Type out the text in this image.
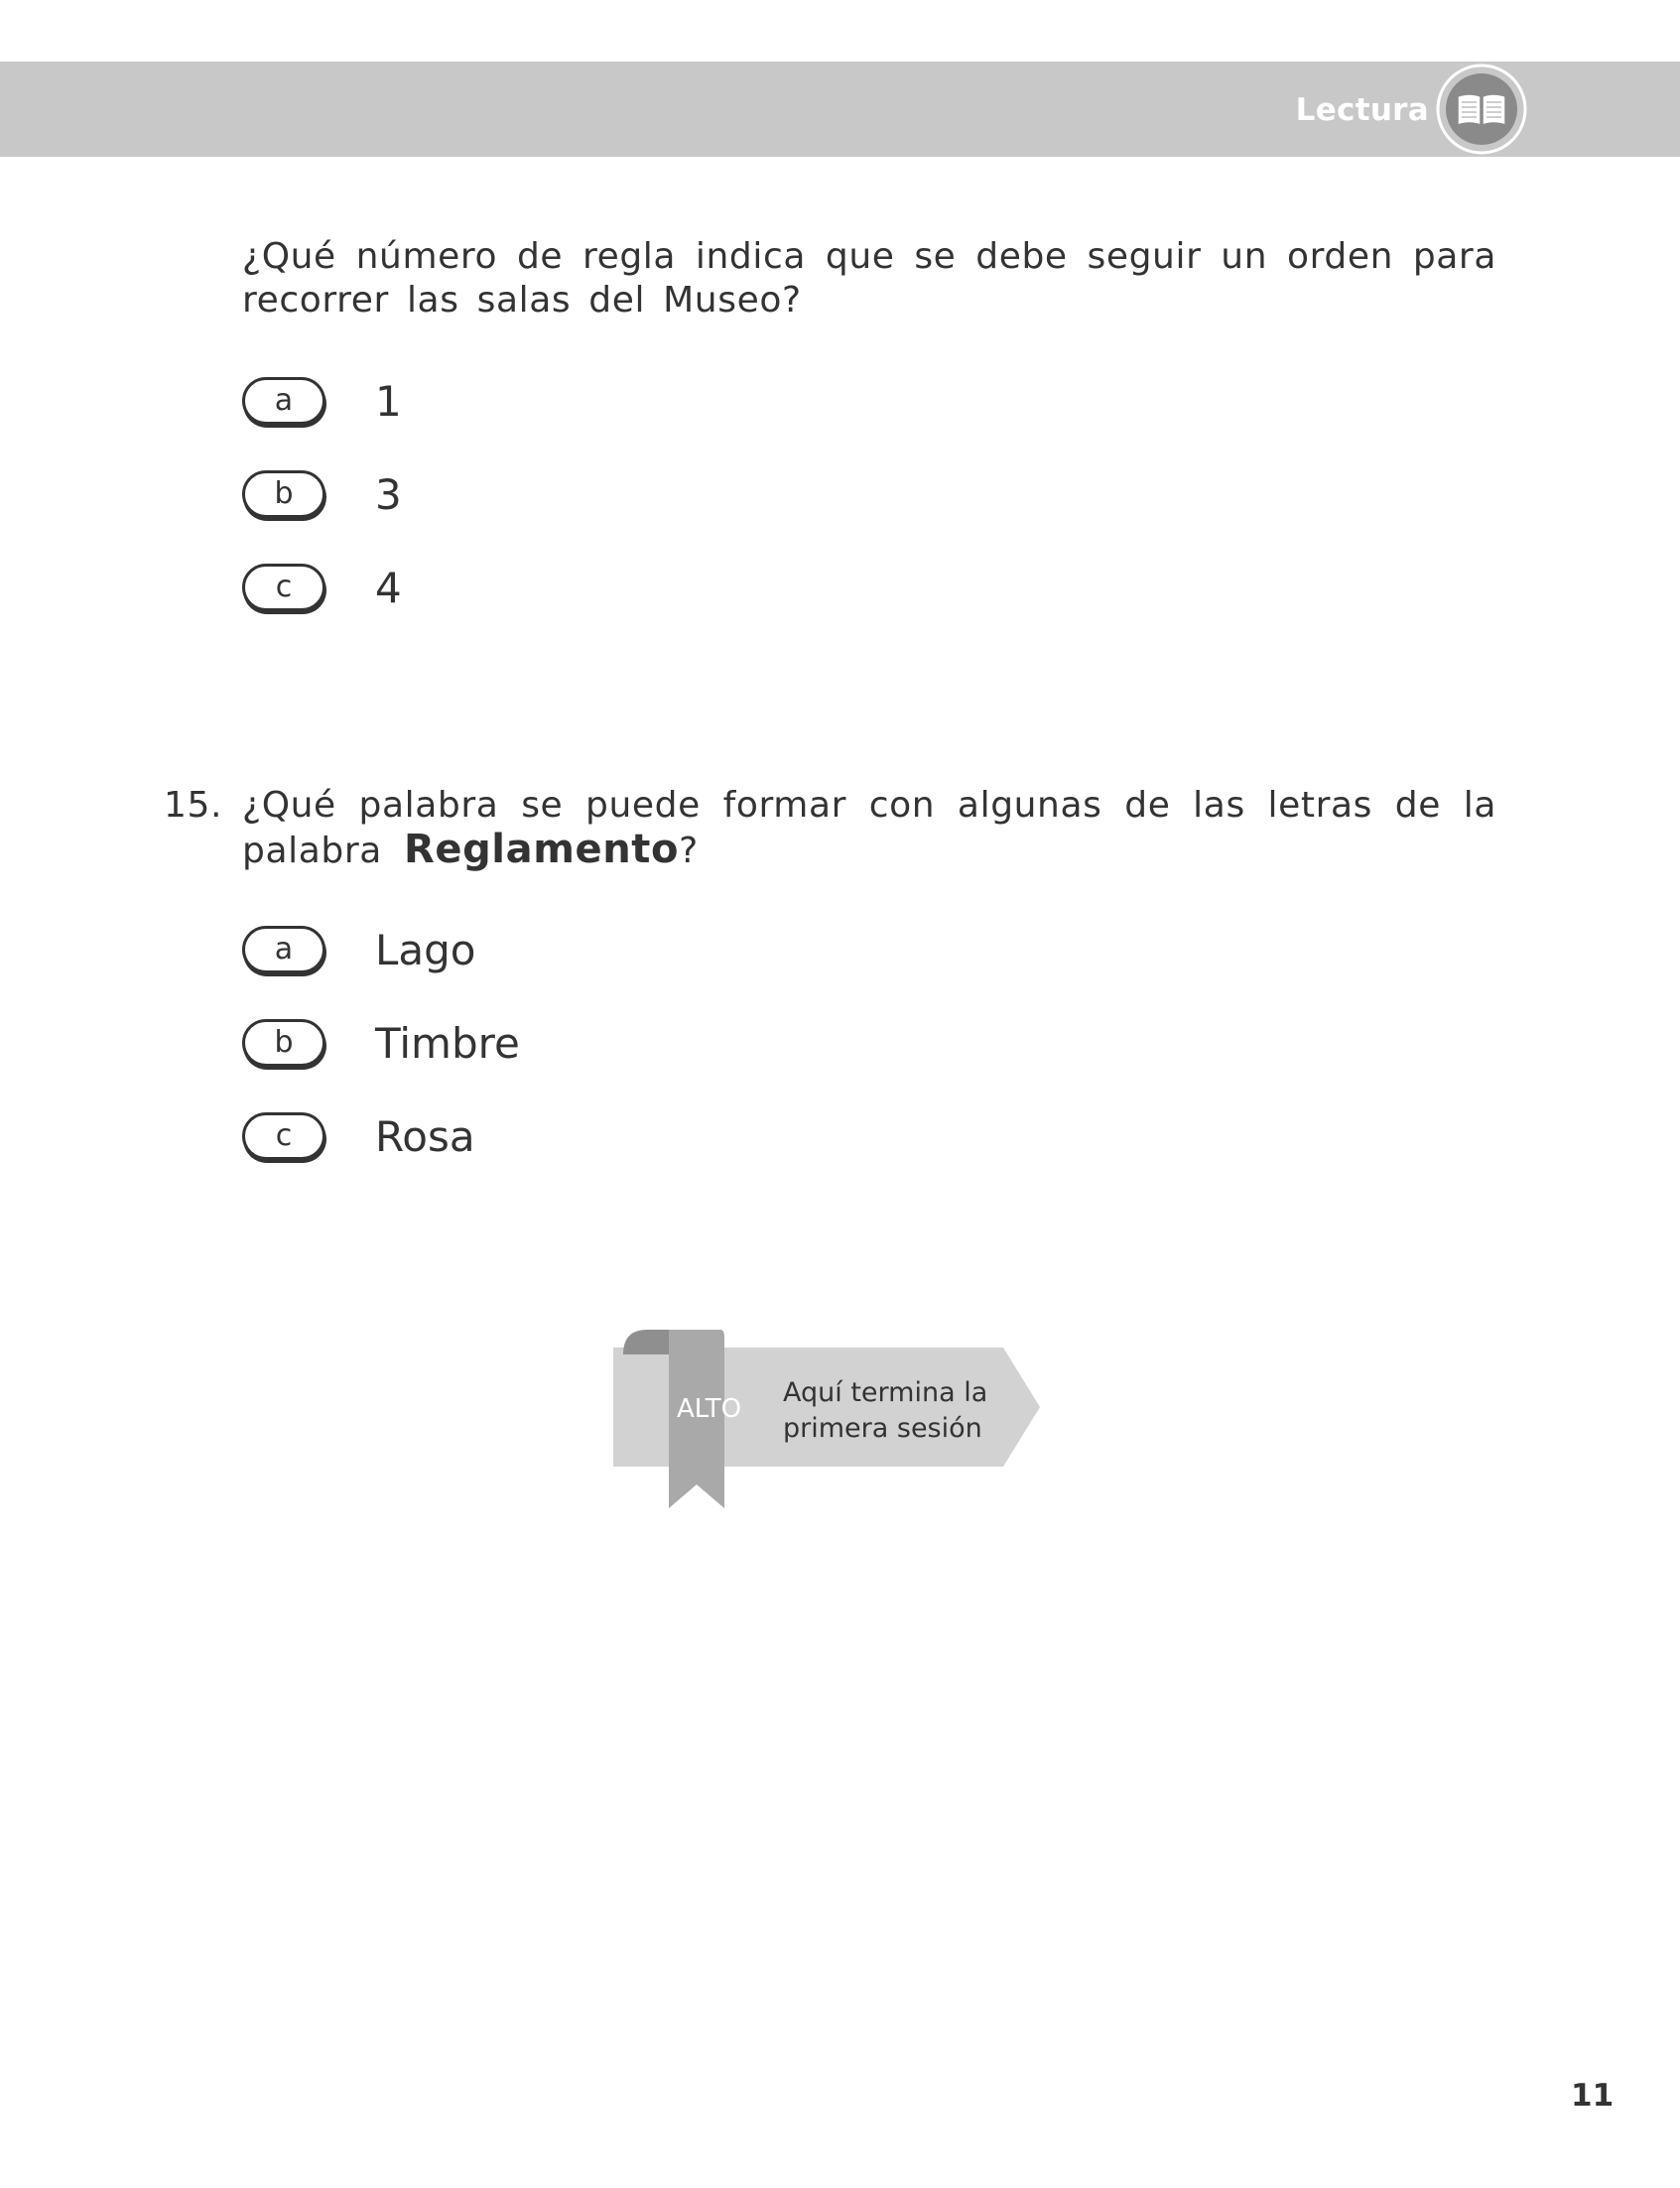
Lectura
¿Qué número de regla indica que se debe seguir un orden para recorrer las salas del Museo?
a	1
b	3
c	4
15. ¿Qué palabra se puede formar con algunas de las letras de la palabra Reglamento?
a	Lago
b	Timbre
c	Rosa
ALTO
Aquí termina la
primera sesión
11
